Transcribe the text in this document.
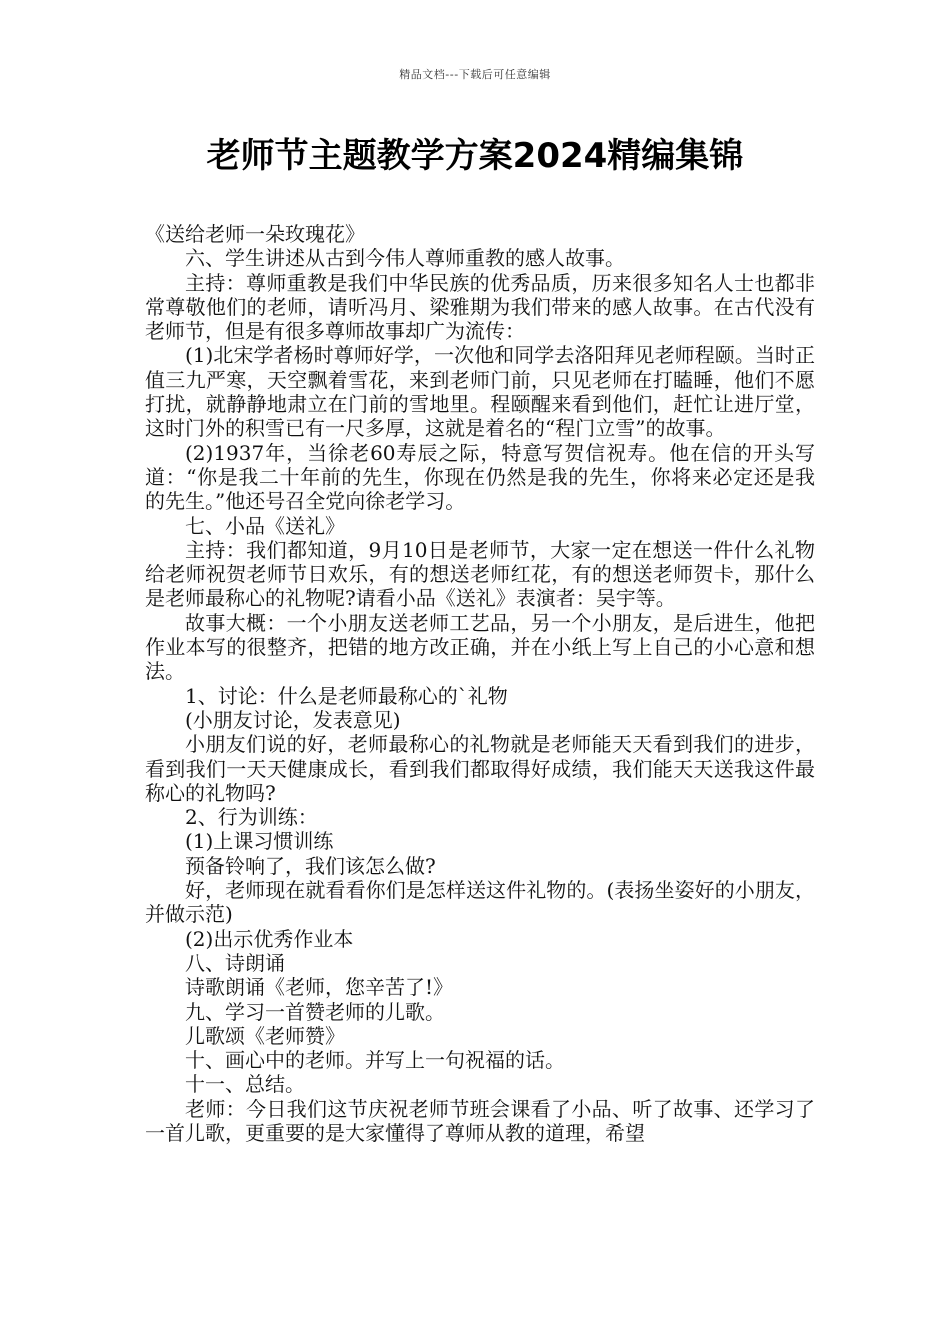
精品文档---下载后可任意编辑
老师节主题教学方案2024精编集锦

《送给老师一朵玫瑰花》

六、学生讲述从古到今伟人尊师重教的感人故事。

主持：尊师重教是我们中华民族的优秀品质，历来很多知名人士也都非常尊敬他们的老师，请听冯月、梁雅期为我们带来的感人故事。在古代没有老师节，但是有很多尊师故事却广为流传：

(1)北宋学者杨时尊师好学，一次他和同学去洛阳拜见老师程颐。当时正值三九严寒，天空飘着雪花，来到老师门前，只见老师在打瞌睡，他们不愿打扰，就静静地肃立在门前的雪地里。程颐醒来看到他们，赶忙让进厅堂，这时门外的积雪已有一尺多厚，这就是着名的“程门立雪”的故事。

(2)1937年，当徐老60寿辰之际，特意写贺信祝寿。他在信的开头写道：“你是我二十年前的先生，你现在仍然是我的先生，你将来必定还是我的先生。”他还号召全党向徐老学习。

七、小品《送礼》

主持：我们都知道，9月10日是老师节，大家一定在想送一件什么礼物给老师祝贺老师节日欢乐，有的想送老师红花，有的想送老师贺卡，那什么是老师最称心的礼物呢?请看小品《送礼》表演者：吴宇等。

故事大概：一个小朋友送老师工艺品，另一个小朋友，是后进生，他把作业本写的很整齐，把错的地方改正确，并在小纸上写上自己的小心意和想法。

1、讨论：什么是老师最称心的`礼物

(小朋友讨论，发表意见)

小朋友们说的好，老师最称心的礼物就是老师能天天看到我们的进步，看到我们一天天健康成长，看到我们都取得好成绩，我们能天天送我这件最称心的礼物吗?

2、行为训练：

(1)上课习惯训练

预备铃响了，我们该怎么做?

好，老师现在就看看你们是怎样送这件礼物的。(表扬坐姿好的小朋友，并做示范)

(2)出示优秀作业本

八、诗朗诵

诗歌朗诵《老师，您辛苦了!》

九、学习一首赞老师的儿歌。

儿歌颂《老师赞》

十、画心中的老师。并写上一句祝福的话。

十一、总结。

老师：今日我们这节庆祝老师节班会课看了小品、听了故事、还学习了一首儿歌，更重要的是大家懂得了尊师从教的道理，希望
